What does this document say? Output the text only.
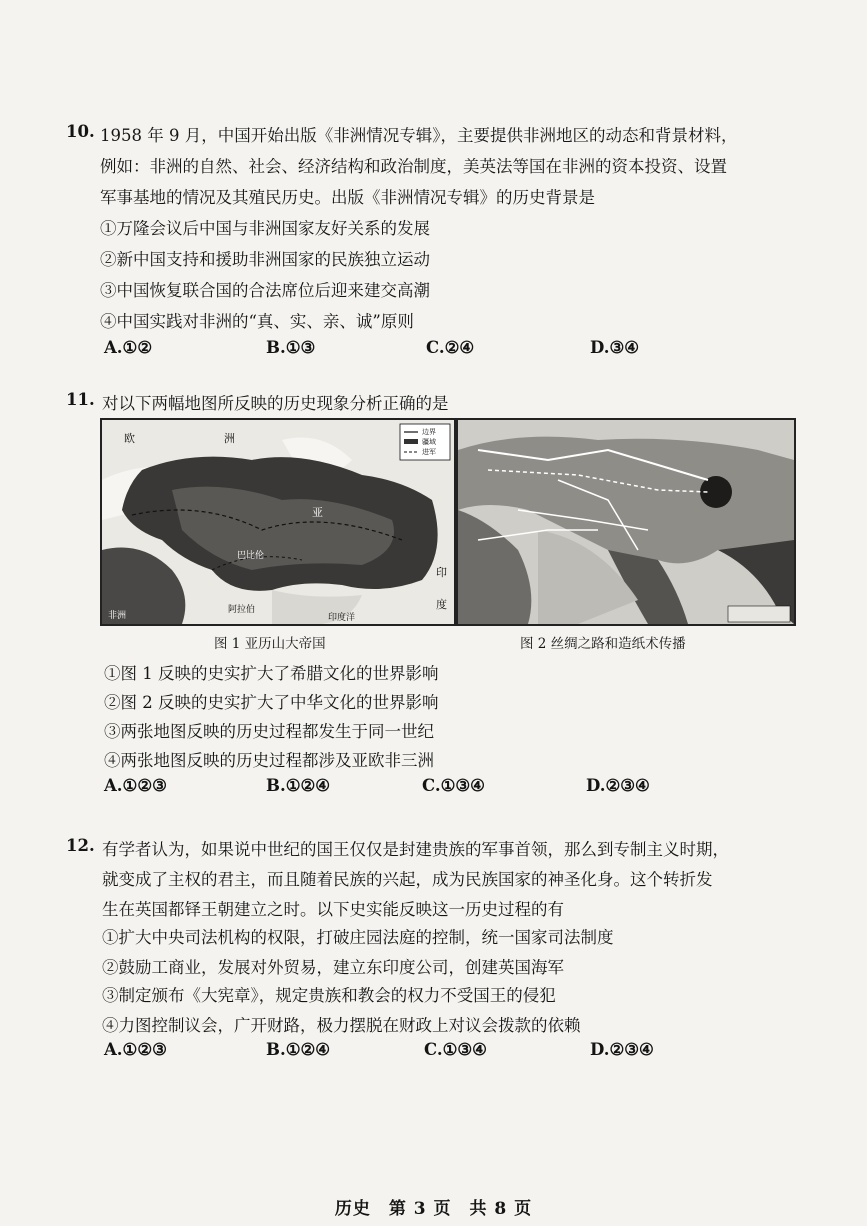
10. 1958 年 9 月，中国开始出版《非洲情况专辑》，主要提供非洲地区的动态和背景材料，
例如：非洲的自然、社会、经济结构和政治制度，美英法等国在非洲的资本投资、设置
军事基地的情况及其殖民历史。出版《非洲情况专辑》的历史背景是
①万隆会议后中国与非洲国家友好关系的发展
②新中国支持和援助非洲国家的民族独立运动
③中国恢复联合国的合法席位后迎来建交高潮
④中国实践对非洲的“真、实、亲、诚”原则
A.①②	B.①③	C.②④	D.③④
11. 对以下两幅地图所反映的历史现象分析正确的是
欧	洲
亚
巴比伦
印
度
阿拉伯
非洲	印度洋
边界
疆域
进军
图 1 亚历山大帝国	图 2 丝绸之路和造纸术传播
①图 1 反映的史实扩大了希腊文化的世界影响
②图 2 反映的史实扩大了中华文化的世界影响
③两张地图反映的历史过程都发生于同一世纪
④两张地图反映的历史过程都涉及亚欧非三洲
A.①②③	B.①②④	C.①③④	D.②③④
12. 有学者认为，如果说中世纪的国王仅仅是封建贵族的军事首领，那么到专制主义时期，
就变成了主权的君主，而且随着民族的兴起，成为民族国家的神圣化身。这个转折发
生在英国都铎王朝建立之时。以下史实能反映这一历史过程的有
①扩大中央司法机构的权限，打破庄园法庭的控制，统一国家司法制度
②鼓励工商业，发展对外贸易，建立东印度公司，创建英国海军
③制定颁布《大宪章》，规定贵族和教会的权力不受国王的侵犯
④力图控制议会，广开财路，极力摆脱在财政上对议会拨款的依赖
A.①②③	B.①②④	C.①③④	D.②③④
历史　第 3 页　共 8 页
